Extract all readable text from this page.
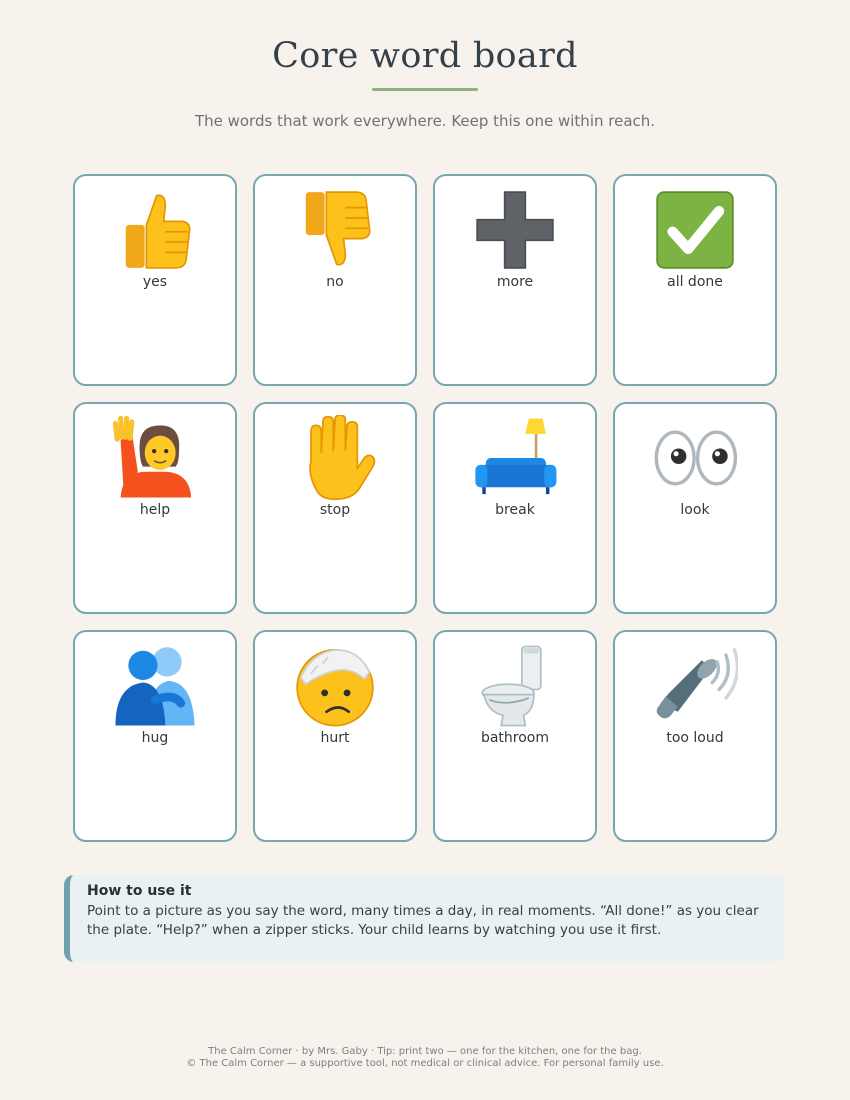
Core word board
The words that work everywhere. Keep this one within reach.
yes	no	more	all done
help	stop	break	look
hug	hurt	bathroom	too loud
How to use it
Point to a picture as you say the word, many times a day, in real moments. “All done!” as you clear the plate. “Help?” when a zipper sticks. Your child learns by watching you use it first.
The Calm Corner · by Mrs. Gaby · Tip: print two — one for the kitchen, one for the bag.
© The Calm Corner — a supportive tool, not medical or clinical advice. For personal family use.
